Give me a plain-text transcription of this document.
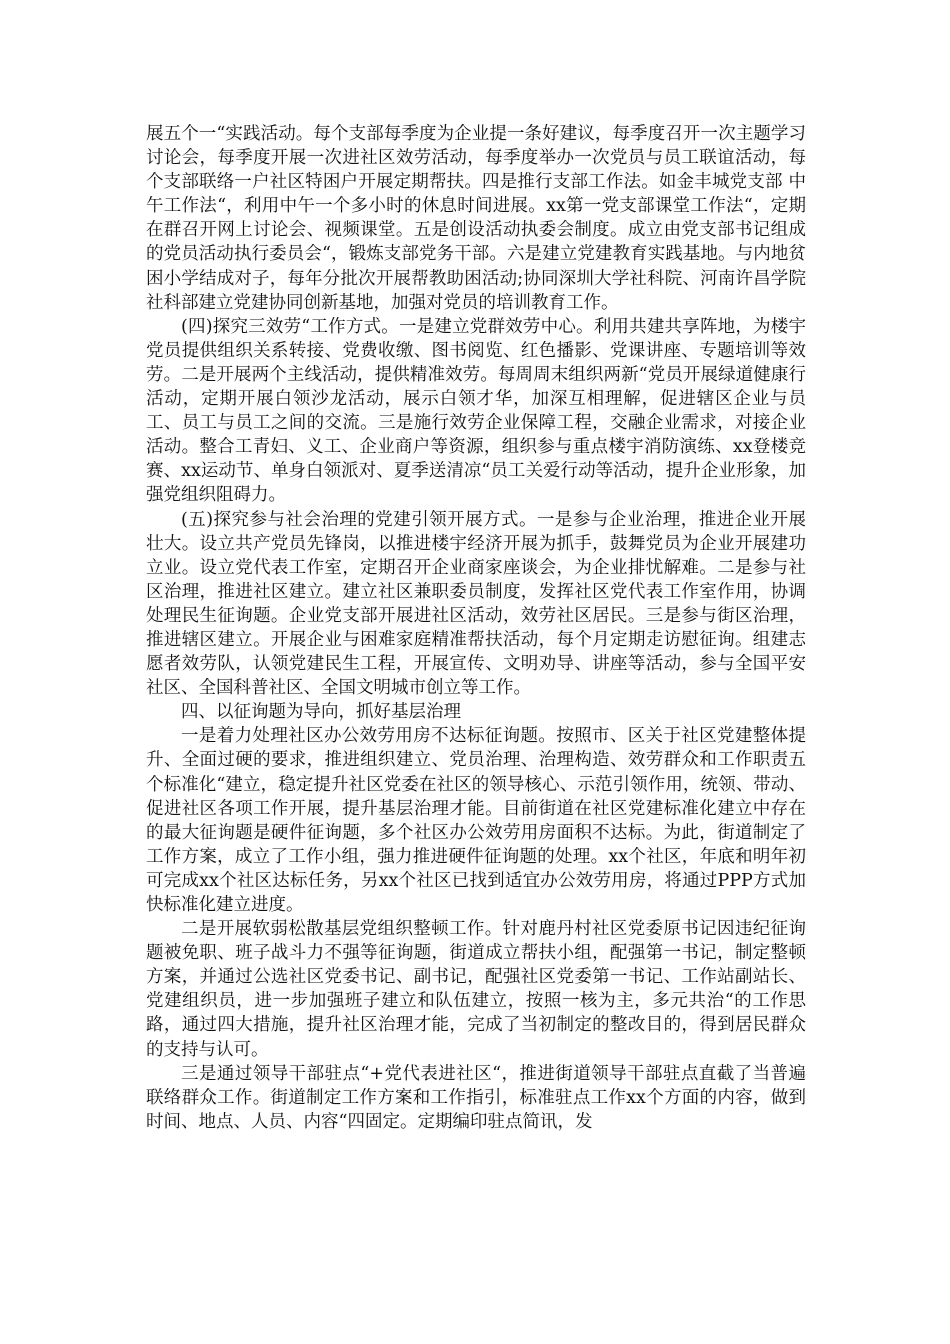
展五个一“实践活动。每个支部每季度为企业提一条好建议，每季度召开一次主题学习讨论会，每季度开展一次进社区效劳活动，每季度举办一次党员与员工联谊活动，每个支部联络一户社区特困户开展定期帮扶。四是推行支部工作法。如金丰城党支部 中午工作法“，利用中午一个多小时的休息时间进展。xx第一党支部课堂工作法“，定期在群召开网上讨论会、视频课堂。五是创设活动执委会制度。成立由党支部书记组成的党员活动执行委员会“，锻炼支部党务干部。六是建立党建教育实践基地。与内地贫困小学结成对子，每年分批次开展帮教助困活动;协同深圳大学社科院、河南许昌学院社科部建立党建协同创新基地，加强对党员的培训教育工作。

(四)探究三效劳“工作方式。一是建立党群效劳中心。利用共建共享阵地，为楼宇党员提供组织关系转接、党费收缴、图书阅览、红色播影、党课讲座、专题培训等效劳。二是开展两个主线活动，提供精准效劳。每周周末组织两新“党员开展绿道健康行活动，定期开展白领沙龙活动，展示白领才华，加深互相理解，促进辖区企业与员工、员工与员工之间的交流。三是施行效劳企业保障工程，交融企业需求，对接企业活动。整合工青妇、义工、企业商户等资源，组织参与重点楼宇消防演练、xx登楼竞赛、xx运动节、单身白领派对、夏季送清凉“员工关爱行动等活动，提升企业形象，加强党组织阻碍力。

(五)探究参与社会治理的党建引领开展方式。一是参与企业治理，推进企业开展壮大。设立共产党员先锋岗，以推进楼宇经济开展为抓手，鼓舞党员为企业开展建功立业。设立党代表工作室，定期召开企业商家座谈会，为企业排忧解难。二是参与社区治理，推进社区建立。建立社区兼职委员制度，发挥社区党代表工作室作用，协调处理民生征询题。企业党支部开展进社区活动，效劳社区居民。三是参与街区治理，推进辖区建立。开展企业与困难家庭精准帮扶活动，每个月定期走访慰征询。组建志愿者效劳队，认领党建民生工程，开展宣传、文明劝导、讲座等活动，参与全国平安社区、全国科普社区、全国文明城市创立等工作。

四、以征询题为导向，抓好基层治理

一是着力处理社区办公效劳用房不达标征询题。按照市、区关于社区党建整体提升、全面过硬的要求，推进组织建立、党员治理、治理构造、效劳群众和工作职责五个标准化“建立，稳定提升社区党委在社区的领导核心、示范引领作用，统领、带动、促进社区各项工作开展，提升基层治理才能。目前街道在社区党建标准化建立中存在的最大征询题是硬件征询题，多个社区办公效劳用房面积不达标。为此，街道制定了工作方案，成立了工作小组，强力推进硬件征询题的处理。xx个社区，年底和明年初可完成xx个社区达标任务，另xx个社区已找到适宜办公效劳用房，将通过PPP方式加快标准化建立进度。

二是开展软弱松散基层党组织整顿工作。针对鹿丹村社区党委原书记因违纪征询题被免职、班子战斗力不强等征询题，街道成立帮扶小组，配强第一书记，制定整顿方案，并通过公选社区党委书记、副书记，配强社区党委第一书记、工作站副站长、党建组织员，进一步加强班子建立和队伍建立，按照一核为主，多元共治“的工作思路，通过四大措施，提升社区治理才能，完成了当初制定的整改目的，得到居民群众的支持与认可。

三是通过领导干部驻点“+党代表进社区“，推进街道领导干部驻点直截了当普遍联络群众工作。街道制定工作方案和工作指引，标准驻点工作xx个方面的内容，做到时间、地点、人员、内容“四固定。定期编印驻点简讯，发
